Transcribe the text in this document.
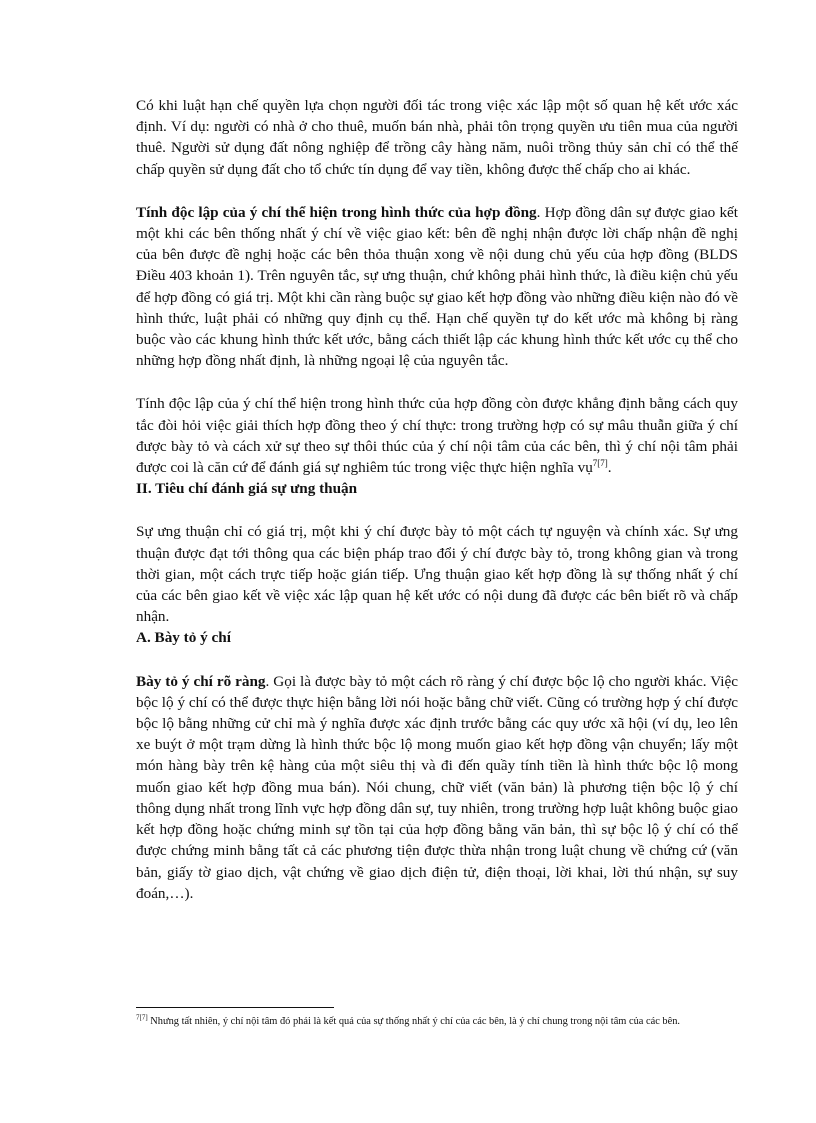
Có khi luật hạn chế quyền lựa chọn người đối tác trong việc xác lập một số quan hệ kết ước xác định. Ví dụ: người có nhà ở cho thuê, muốn bán nhà, phải tôn trọng quyền ưu tiên mua của người thuê. Người sử dụng đất nông nghiệp để trồng cây hàng năm, nuôi trồng thủy sản chỉ có thể thế chấp quyền sử dụng đất cho tổ chức tín dụng để vay tiền, không được thế chấp cho ai khác.

Tính độc lập của ý chí thể hiện trong hình thức của hợp đồng. Hợp đồng dân sự được giao kết một khi các bên thống nhất ý chí về việc giao kết: bên đề nghị nhận được lời chấp nhận đề nghị của bên được đề nghị hoặc các bên thỏa thuận xong về nội dung chủ yếu của hợp đồng (BLDS Điều 403 khoản 1). Trên nguyên tắc, sự ưng thuận, chứ không phải hình thức, là điều kiện chủ yếu để hợp đồng có giá trị. Một khi cần ràng buộc sự giao kết hợp đồng vào những điều kiện nào đó về hình thức, luật phải có những quy định cụ thể. Hạn chế quyền tự do kết ước mà không bị ràng buộc vào các khung hình thức kết ước, bằng cách thiết lập các khung hình thức kết ước cụ thể cho những hợp đồng nhất định, là những ngoại lệ của nguyên tắc.

Tính độc lập của ý chí thể hiện trong hình thức của hợp đồng còn được khẳng định bằng cách quy tắc đòi hỏi việc giải thích hợp đồng theo ý chí thực: trong trường hợp có sự mâu thuẫn giữa ý chí được bày tỏ và cách xử sự theo sự thôi thúc của ý chí nội tâm của các bên, thì ý chí nội tâm phải được coi là căn cứ để đánh giá sự nghiêm túc trong việc thực hiện nghĩa vụ$^{7[7]}$.

II. Tiêu chí đánh giá sự ưng thuận

Sự ưng thuận chỉ có giá trị, một khi ý chí được bày tỏ một cách tự nguyện và chính xác. Sự ưng thuận được đạt tới thông qua các biện pháp trao đổi ý chí được bày tỏ, trong không gian và trong thời gian, một cách trực tiếp hoặc gián tiếp. Ưng thuận giao kết hợp đồng là sự thống nhất ý chí của các bên giao kết về việc xác lập quan hệ kết ước có nội dung đã được các bên biết rõ và chấp nhận.

A. Bày tỏ ý chí

Bày tỏ ý chí rõ ràng. Gọi là được bày tỏ một cách rõ ràng ý chí được bộc lộ cho người khác. Việc bộc lộ ý chí có thể được thực hiện bằng lời nói hoặc bằng chữ viết. Cũng có trường hợp ý chí được bộc lộ bằng những cử chỉ mà ý nghĩa được xác định trước bằng các quy ước xã hội (ví dụ, leo lên xe buýt ở một trạm dừng là hình thức bộc lộ mong muốn giao kết hợp đồng vận chuyển; lấy một món hàng bày trên kệ hàng của một siêu thị và đi đến quầy tính tiền là hình thức bộc lộ mong muốn giao kết hợp đồng mua bán). Nói chung, chữ viết (văn bản) là phương tiện bộc lộ ý chí thông dụng nhất trong lĩnh vực hợp đồng dân sự, tuy nhiên, trong trường hợp luật không buộc giao kết hợp đồng hoặc chứng minh sự tồn tại của hợp đồng bằng văn bản, thì sự bộc lộ ý chí có thể được chứng minh bằng tất cả các phương tiện được thừa nhận trong luật chung về chứng cứ (văn bản, giấy tờ giao dịch, vật chứng về giao dịch điện tử, điện thoại, lời khai, lời thú nhận, sự suy đoán,…).

$^{7[7]}$ Nhưng tất nhiên, ý chí nội tâm đó phải là kết quả của sự thống nhất ý chí của các bên, là ý chí chung trong nội tâm của các bên.
